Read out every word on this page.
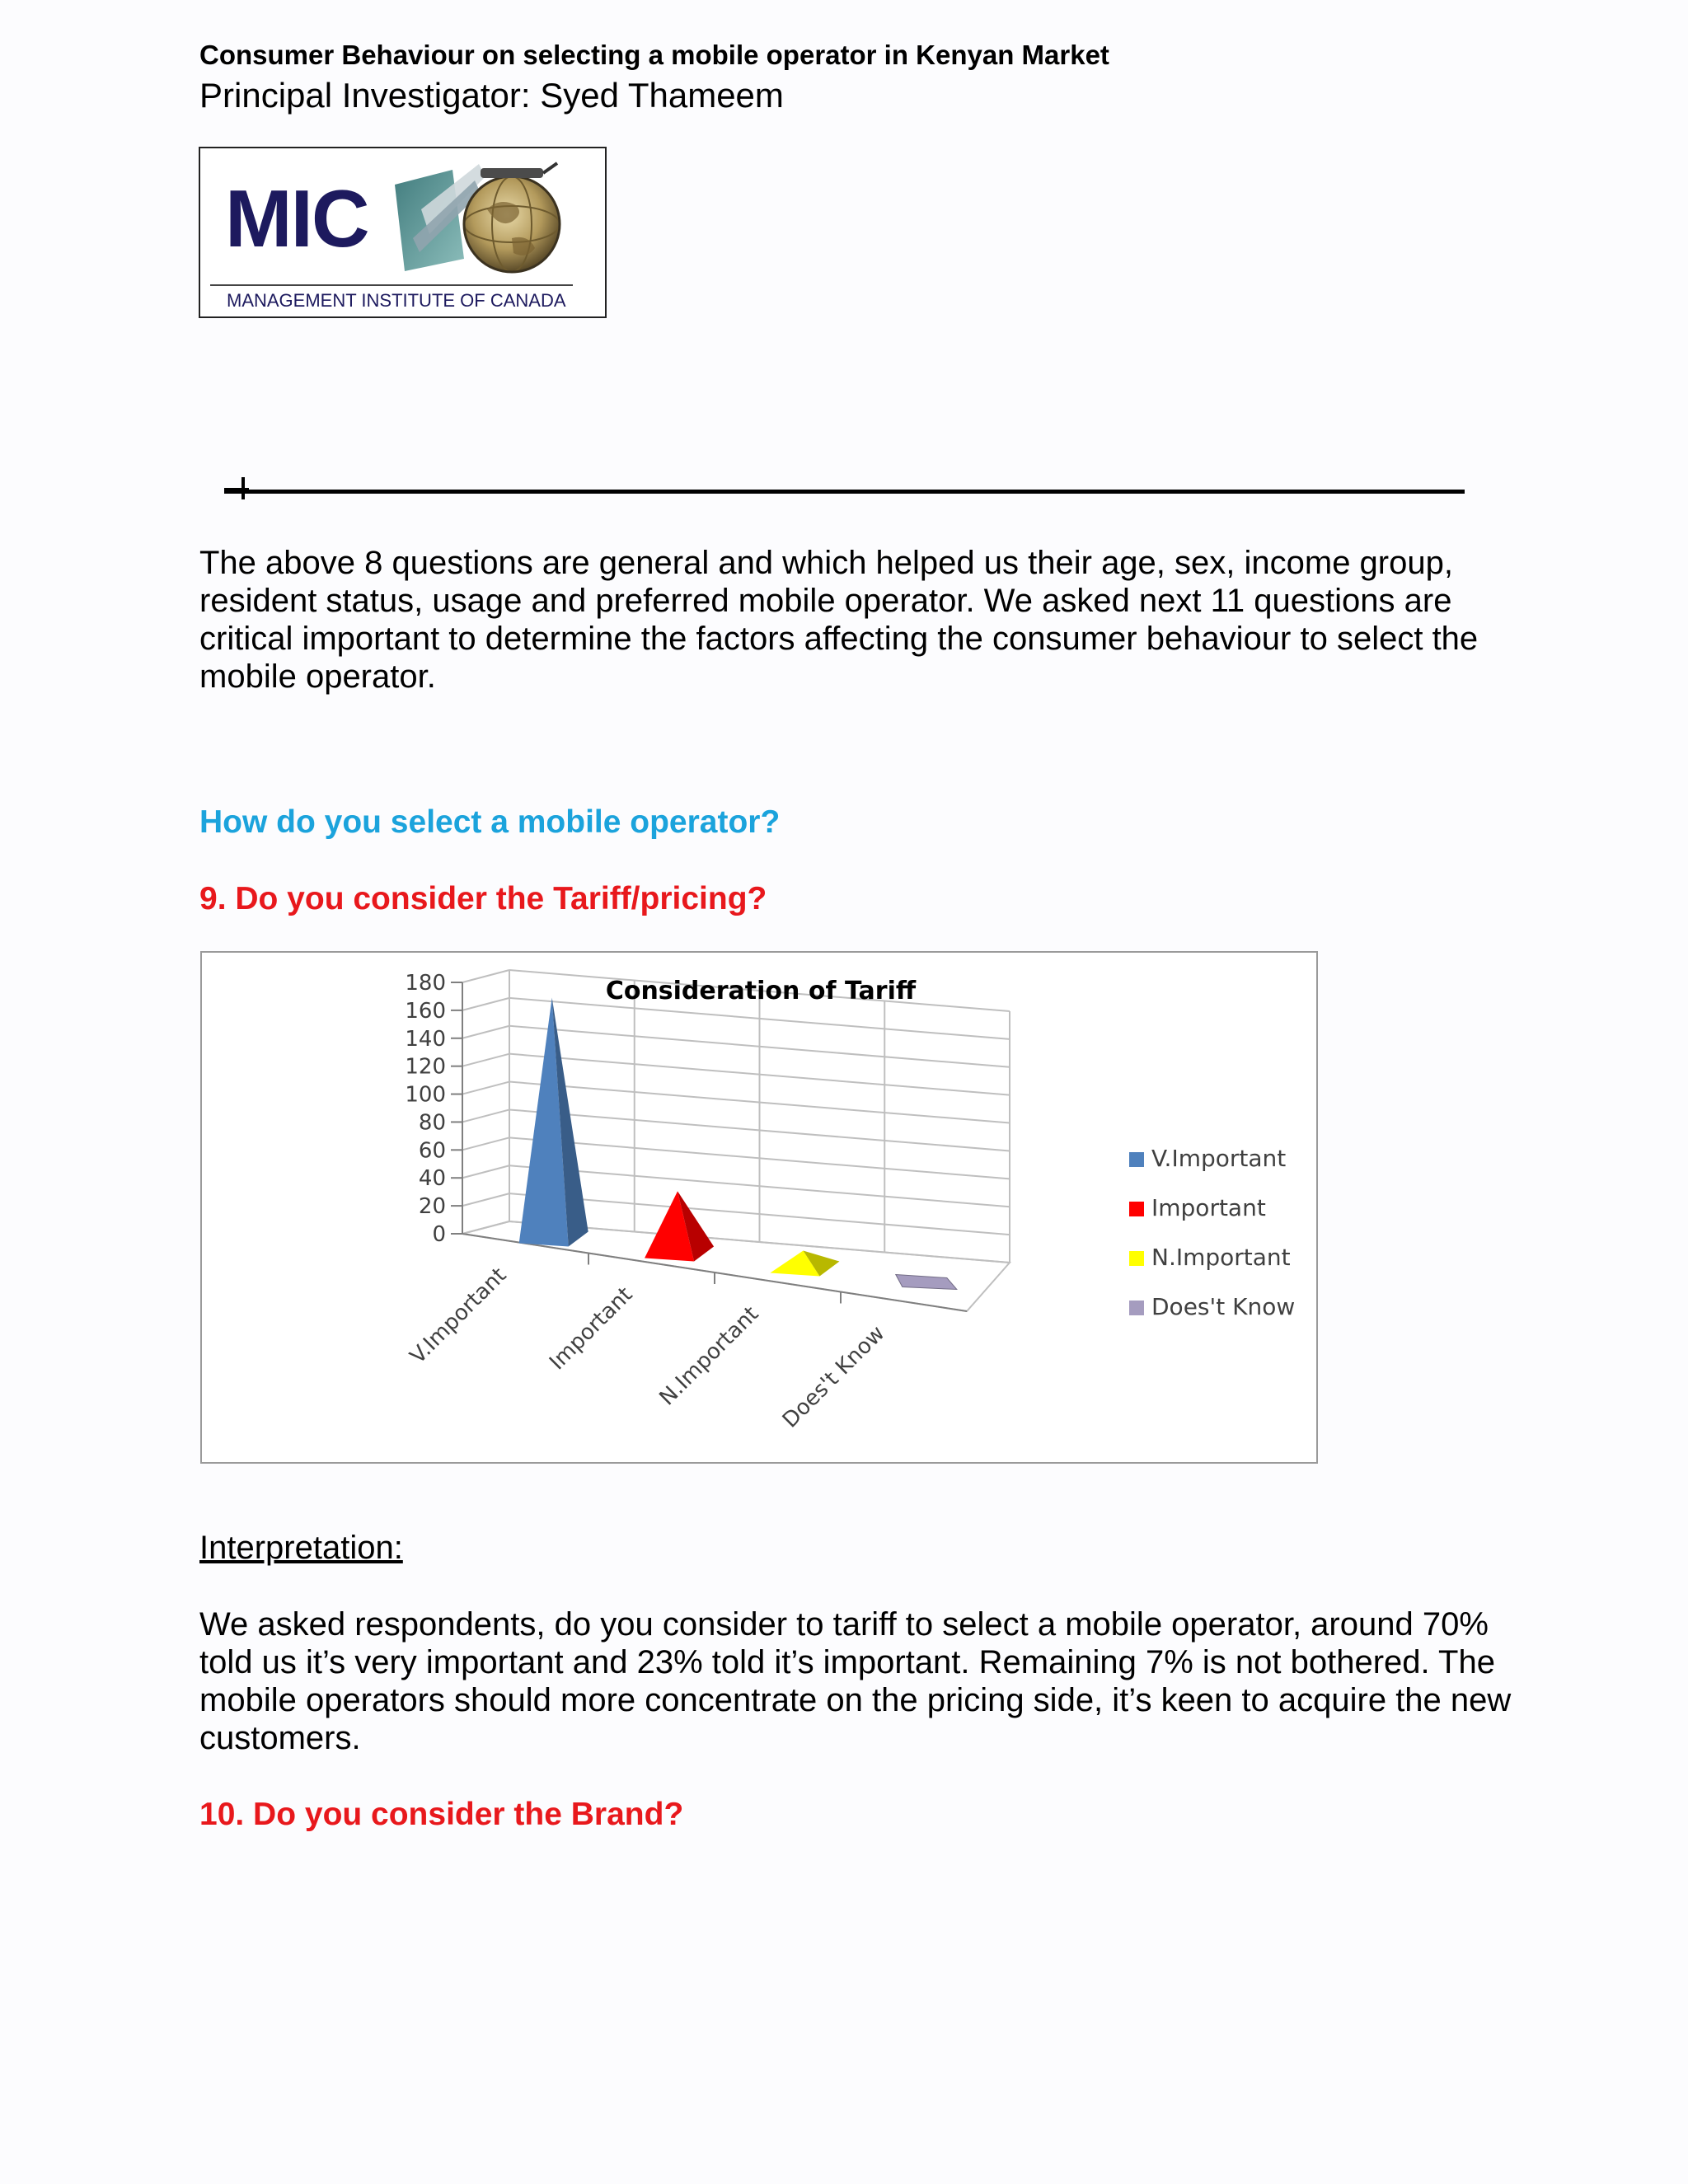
Consumer Behaviour on selecting a mobile operator in Kenyan Market
Principal Investigator: Syed Thameem
MIC
MANAGEMENT INSTITUTE OF CANADA
The above 8 questions are general and which helped us their age, sex, income group, resident status, usage and preferred mobile operator. We asked next 11 questions are critical important to determine the factors affecting the consumer behaviour to select the mobile operator.
How do you select a mobile operator?
9. Do you consider the Tariff/pricing?
0
20
40
60
80
100
120
140
160
180	Consideration of Tariff
V.Important Important N.Important Does't Know
V.Important
Important
N.Important
Does't Know
Interpretation:
We asked respondents, do you consider to tariff to select a mobile operator, around 70% told us it’s very important and 23% told it’s important. Remaining 7% is not bothered. The mobile operators should more concentrate on the pricing side, it’s keen to acquire the new customers.
10. Do you consider the Brand?
